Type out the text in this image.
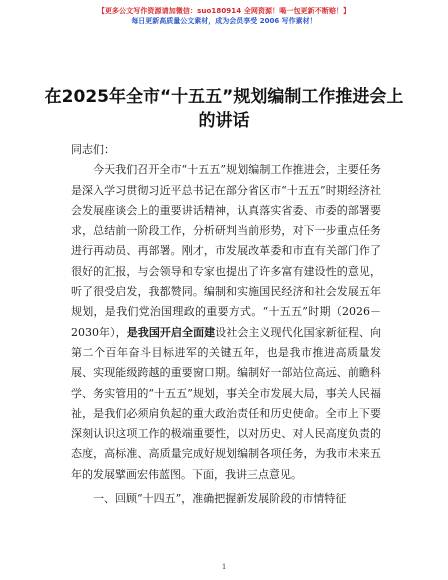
【更多公文写作资源请加微信：suo180914 全网资源！喝一包更新不断赔！】
每日更新高质量公文素材，成为会员享受 2006 写作素材！
在2025年全市“十五五”规划编制工作推进会上的讲话

同志们：

今天我们召开全市“十五五”规划编制工作推进会，主要任务是深入学习贯彻习近平总书记在部分省区市“十五五”时期经济社会发展座谈会上的重要讲话精神，认真落实省委、市委的部署要求，总结前一阶段工作，分析研判当前形势，对下一步重点任务进行再动员、再部署。刚才，市发展改革委和市直有关部门作了很好的汇报，与会领导和专家也提出了许多富有建设性的意见，听了很受启发，我都赞同。编制和实施国民经济和社会发展五年规划，是我们党治国理政的重要方式。“十五五”时期（2026－2030年），是我国开启全面建设社会主义现代化国家新征程、向第二个百年奋斗目标进军的关键五年，也是我市推进高质量发展、实现能级跨越的重要窗口期。编制好一部站位高远、前瞻科学、务实管用的“十五五”规划，事关全市发展大局，事关人民福祉，是我们必须肩负起的重大政治责任和历史使命。全市上下要深刻认识这项工作的极端重要性，以对历史、对人民高度负责的态度，高标准、高质量完成好规划编制各项任务，为我市未来五年的发展擘画宏伟蓝图。下面，我讲三点意见。

一、回顾“十四五”，准确把握新发展阶段的市情特征

1
